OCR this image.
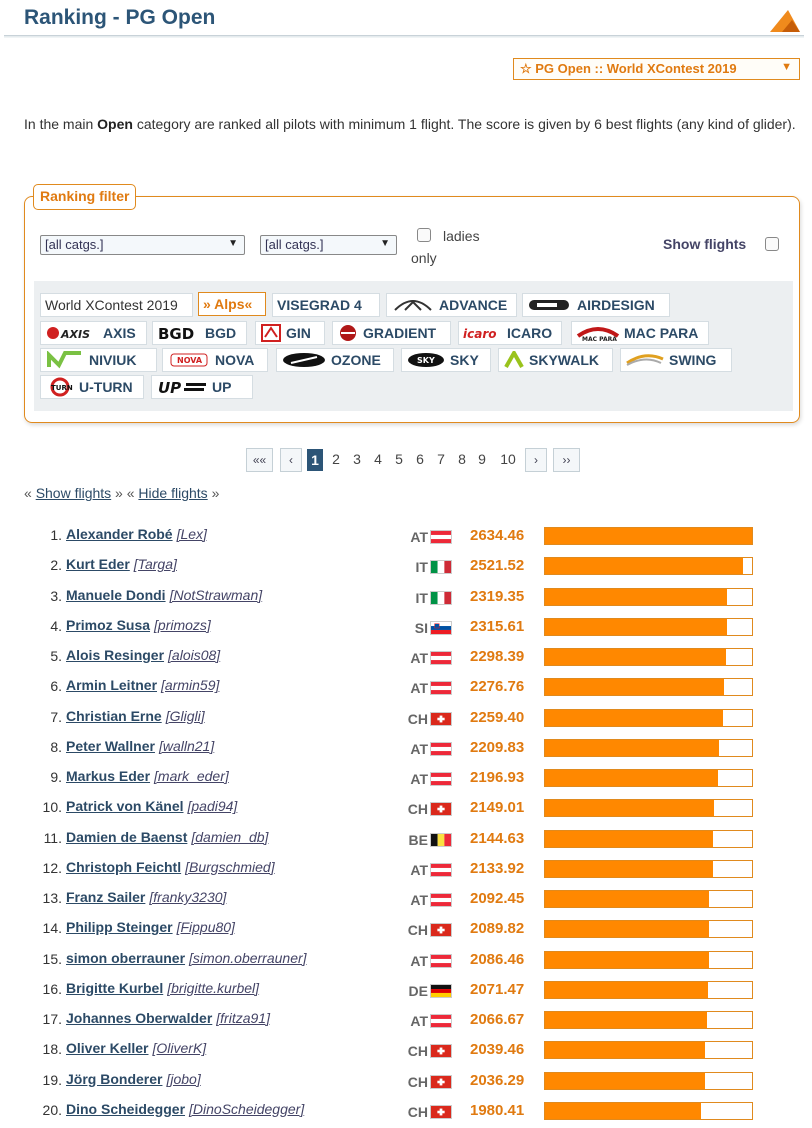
Ranking - PG Open
☆ PG Open :: World XContest 2019	▼
In the main Open category are ranked all pilots with minimum 1 flight. The score is given by 6 best flights (any kind of glider).
Ranking filter
[all catgs.]	▼	[all catgs.]	▼	ladies
only
Show flights
World XContest 2019 » Alps« VISEGRAD 4	ADVANCE	AIRDESIGN
AXIS AXIS BGD BGD	GIN	GRADIENT icaro ICARO	MAC PARA MAC PARA
NIVIUK	NOVA NOVA	OZONE	SKY SKY	SKYWALK	SWING
TURN U-TURN UP UP
««	‹	1 2 3 4 5 6 7 8 9	10	›	››
« Show flights » « Hide flights »
1. Alexander Robé [Lex]	AT	2634.46
2. Kurt Eder [Targa]	IT	2521.52
3. Manuele Dondi [NotStrawman]	IT	2319.35
4. Primoz Susa [primozs]	SI	2315.61
5. Alois Resinger [alois08]	AT	2298.39
6. Armin Leitner [armin59]	AT	2276.76
7. Christian Erne [Gligli]	CH	2259.40
8. Peter Wallner [walln21]	AT	2209.83
9. Markus Eder [mark_eder]	AT	2196.93
10. Patrick von Känel [padi94]	CH	2149.01
11. Damien de Baenst [damien_db]	BE	2144.63
12. Christoph Feichtl [Burgschmied]	AT	2133.92
13. Franz Sailer [franky3230]	AT	2092.45
14. Philipp Steinger [Fippu80]	CH	2089.82
15. simon oberrauner [simon.oberrauner]	AT	2086.46
16. Brigitte Kurbel [brigitte.kurbel]	DE	2071.47
17. Johannes Oberwalder [fritza91]	AT	2066.67
18. Oliver Keller [OliverK]	CH	2039.46
19. Jörg Bonderer [jobo]	CH	2036.29
20. Dino Scheidegger [DinoScheidegger]	CH	1980.41
